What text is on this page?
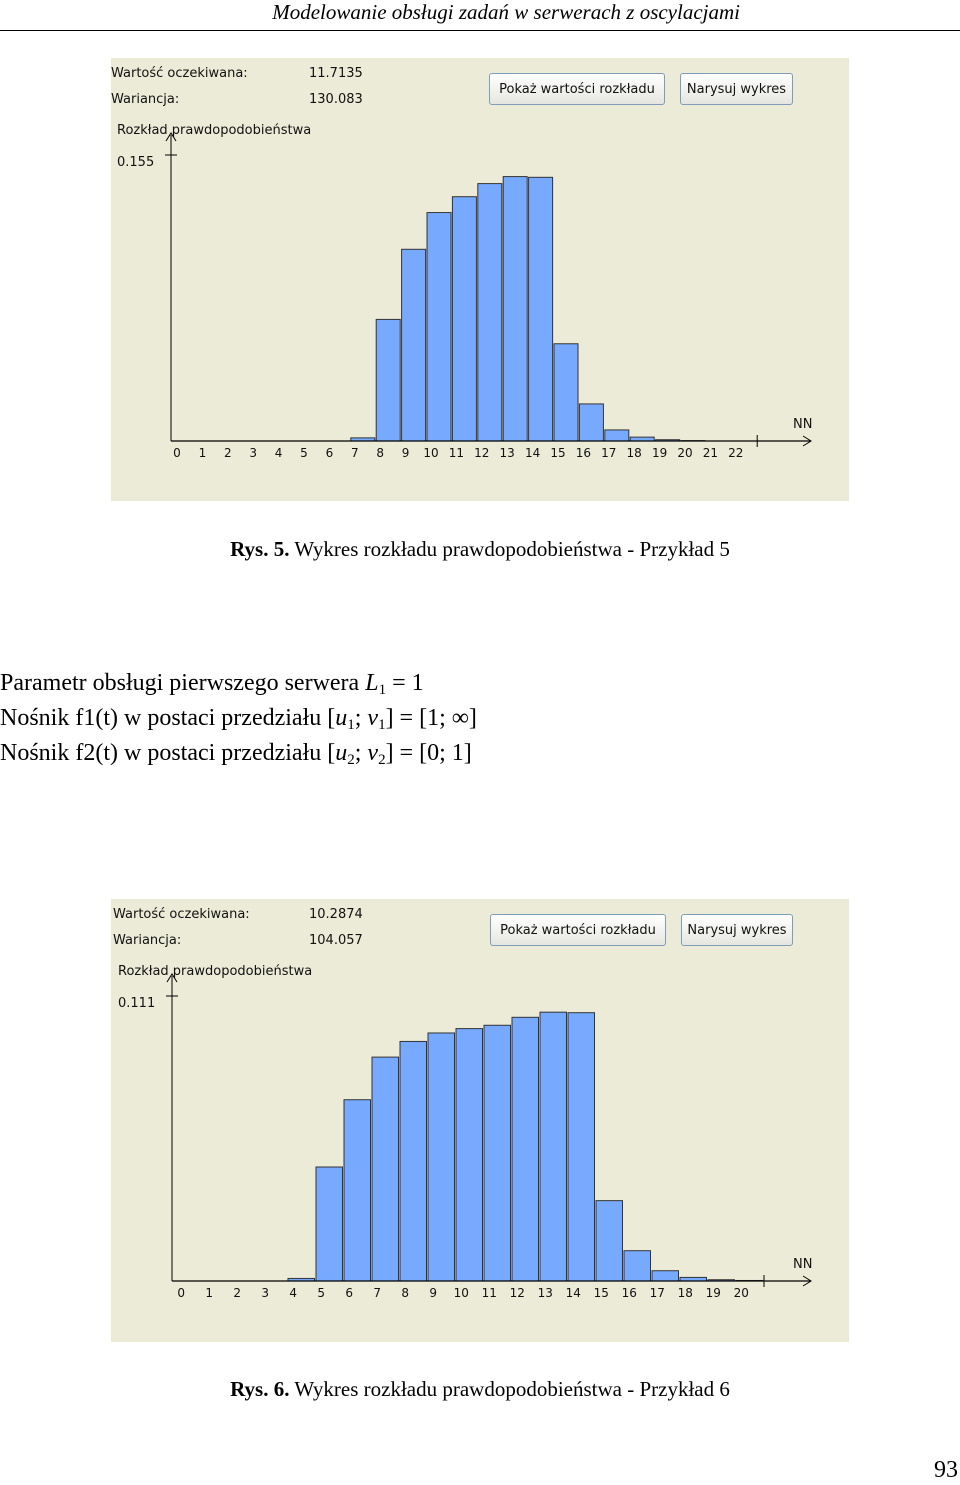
Modelowanie obsługi zadań w serwerach z oscylacjami
Wartość oczekiwana:	11.7135
Wariancja:	130.083
Pokaż wartości rozkładu	Narysuj wykres
Rozkład prawdopodobieństwa
0.155
NN
0 1 2 3 4 5 6 7 8 9 10 11 12 13 14 15 16 17 18 19 20 21 22
Rys. 5. Wykres rozkładu prawdopodobieństwa - Przykład 5
Parametr obsługi pierwszego serwera $L_1 = 1$
Nośnik f1(t) w postaci przedziału [$u_1$; $v_1] = [1$; ∞]
Nośnik f2(t) w postaci przedziału [$u_2$; $v_2] = [0$; 1]
Wartość oczekiwana:	10.2874
Wariancja:	104.057
Pokaż wartości rozkładu	Narysuj wykres
Rozkład prawdopodobieństwa
0.111
NN
0 1 2 3 4 5 6 7 8 9 10 11 12 13 14 15 16 17 18 19 20
Rys. 6. Wykres rozkładu prawdopodobieństwa - Przykład 6
93
